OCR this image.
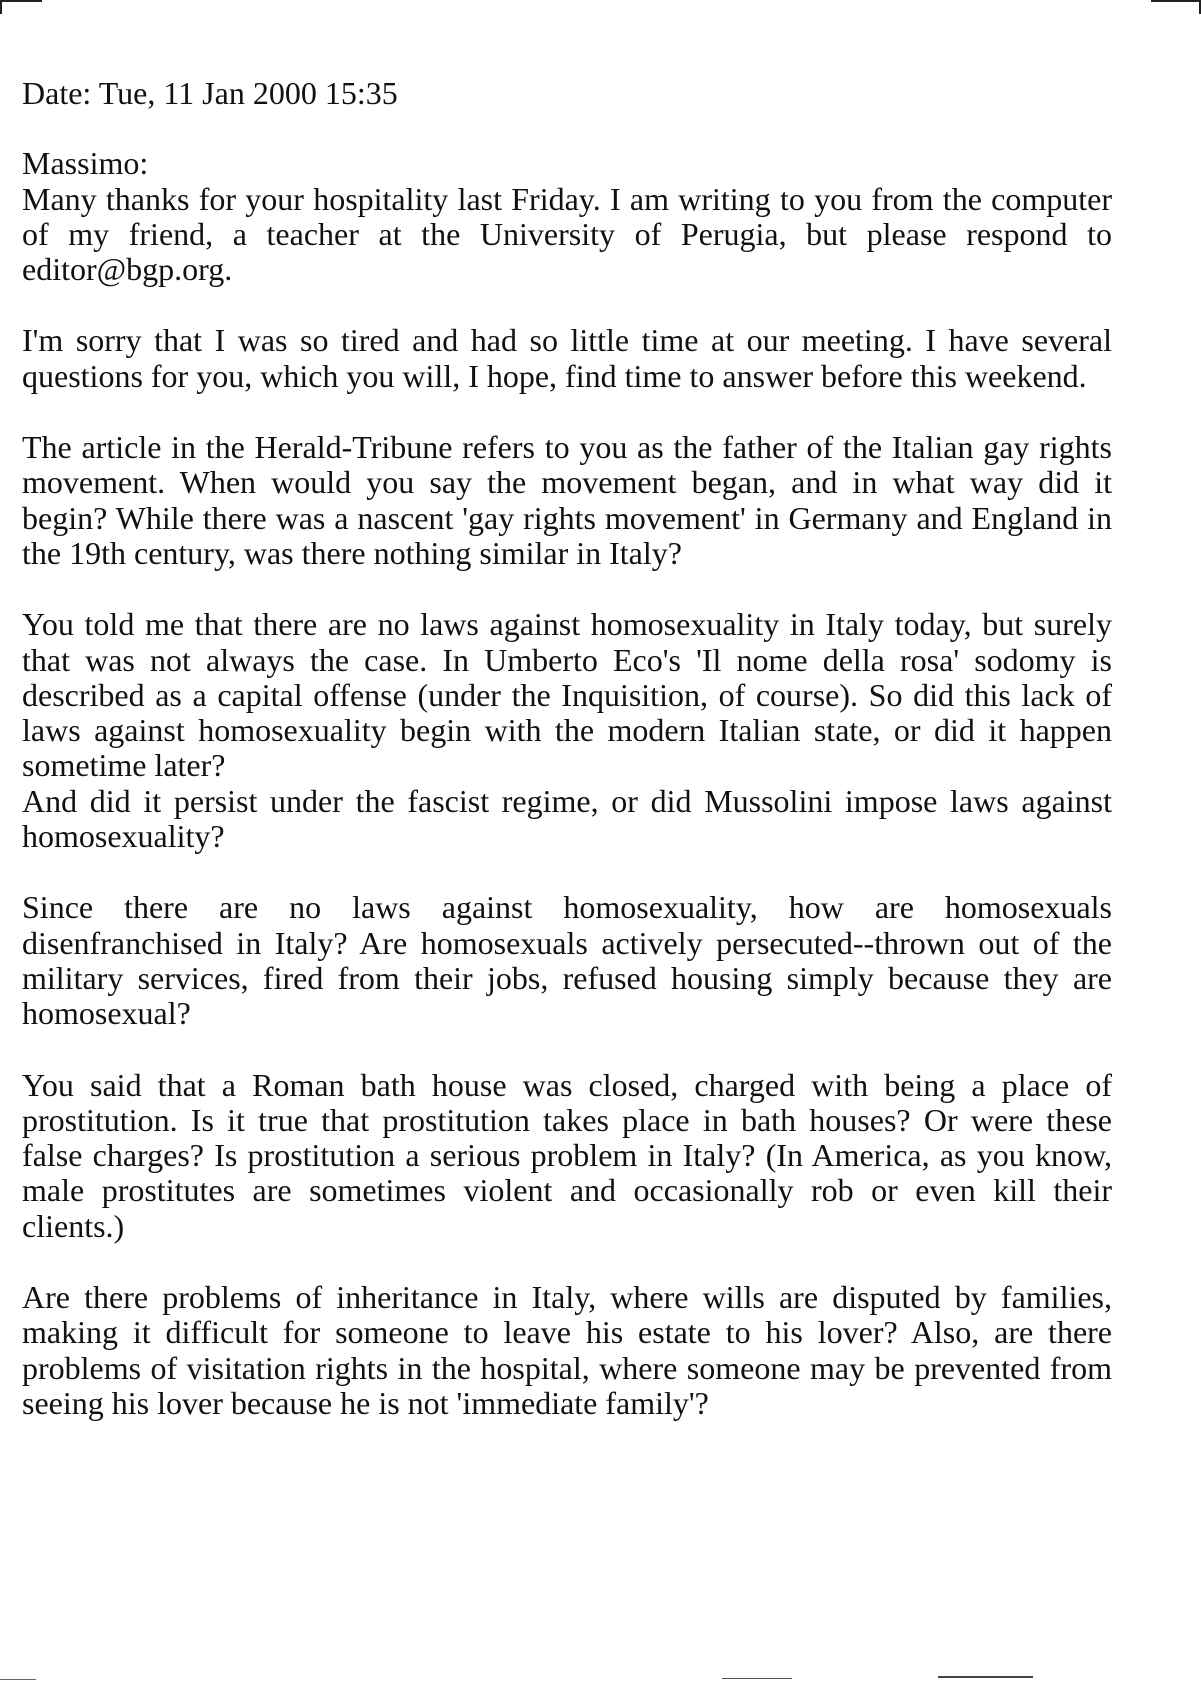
Date: Tue, 11 Jan 2000 15:35

Massimo:

Many thanks for your hospitality last Friday. I am writing to you from the computer of my friend, a teacher at the University of Perugia, but please respond to editor@bgp.org.

I'm sorry that I was so tired and had so little time at our meeting. I have several questions for you, which you will, I hope, find time to answer before this weekend.

The article in the Herald-Tribune refers to you as the father of the Italian gay rights movement. When would you say the movement began, and in what way did it begin? While there was a nascent 'gay rights movement' in Germany and England in the 19th century, was there nothing similar in Italy?

You told me that there are no laws against homosexuality in Italy today, but surely that was not always the case. In Umberto Eco's 'Il nome della rosa' sodomy is described as a capital offense (under the Inquisition, of course). So did this lack of laws against homosexuality begin with the modern Italian state, or did it happen sometime later?

And did it persist under the fascist regime, or did Mussolini impose laws against homosexuality?

Since there are no laws against homosexuality, how are homosexuals disenfranchised in Italy? Are homosexuals actively persecuted--thrown out of the military services, fired from their jobs, refused housing simply because they are homosexual?

You said that a Roman bath house was closed, charged with being a place of prostitution. Is it true that prostitution takes place in bath houses? Or were these false charges? Is prostitution a serious problem in Italy? (In America, as you know, male prostitutes are sometimes violent and occasionally rob or even kill their clients.)

Are there problems of inheritance in Italy, where wills are disputed by families, making it difficult for someone to leave his estate to his lover? Also, are there problems of visitation rights in the hospital, where someone may be prevented from seeing his lover because he is not 'immediate family'?
